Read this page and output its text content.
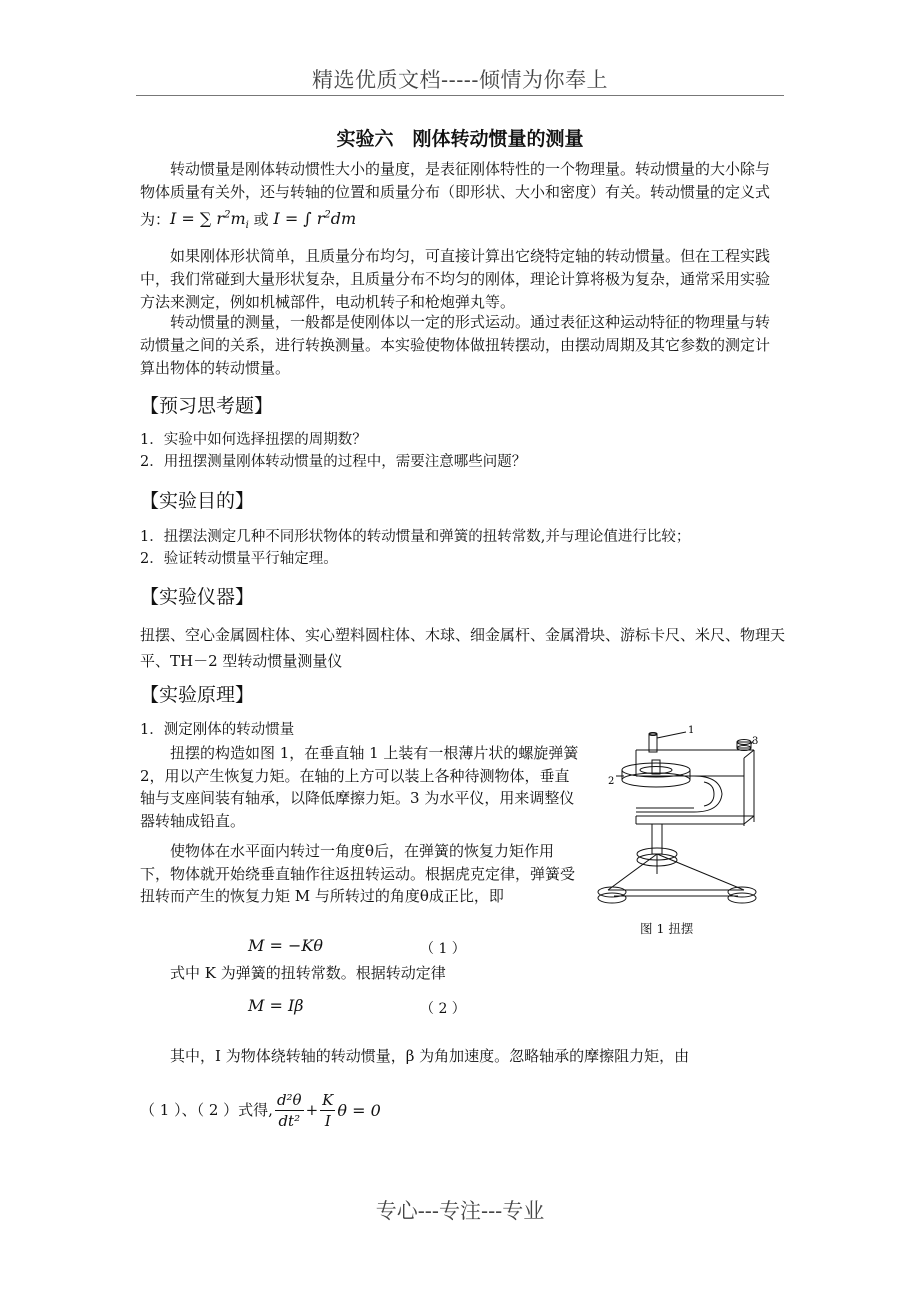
精选优质文档-----倾情为你奉上
实验六　刚体转动惯量的测量
转动惯量是刚体转动惯性大小的量度，是表征刚体特性的一个物理量。转动惯量的大小除与物体质量有关外，还与转轴的位置和质量分布（即形状、大小和密度）有关。转动惯量的定义式为：I = ∑ $r^2m_i$ 或 I = ∫ $r^2dm$
如果刚体形状简单，且质量分布均匀，可直接计算出它绕特定轴的转动惯量。但在工程实践中，我们常碰到大量形状复杂，且质量分布不均匀的刚体，理论计算将极为复杂，通常采用实验方法来测定，例如机械部件，电动机转子和枪炮弹丸等。
转动惯量的测量，一般都是使刚体以一定的形式运动。通过表征这种运动特征的物理量与转动惯量之间的关系，进行转换测量。本实验使物体做扭转摆动，由摆动周期及其它参数的测定计算出物体的转动惯量。
【预习思考题】
1．实验中如何选择扭摆的周期数？
2．用扭摆测量刚体转动惯量的过程中，需要注意哪些问题？
【实验目的】
1．扭摆法测定几种不同形状物体的转动惯量和弹簧的扭转常数,并与理论值进行比较；
2．验证转动惯量平行轴定理。
【实验仪器】
扭摆、空心金属圆柱体、实心塑料圆柱体、木球、细金属杆、金属滑块、游标卡尺、米尺、物理天平、TH－2 型转动惯量测量仪
【实验原理】
1．测定刚体的转动惯量
扭摆的构造如图 1，在垂直轴 1 上装有一根薄片状的螺旋弹簧 2，用以产生恢复力矩。在轴的上方可以装上各种待测物体，垂直轴与支座间装有轴承，以降低摩擦力矩。3 为水平仪，用来调整仪器转轴成铅直。
使物体在水平面内转过一角度θ后，在弹簧的恢复力矩作用下，物体就开始绕垂直轴作往返扭转运动。根据虎克定律，弹簧受扭转而产生的恢复力矩 M 与所转过的角度θ成正比，即
M = −Kθ	（ 1 ）
式中 K 为弹簧的扭转常数。根据转动定律
M = Iβ	（ 2 ）
其中，I 为物体绕转轴的转动惯量，β 为角加速度。忽略轴承的摩擦阻力矩，由
（ 1 ）、（ 2 ）式得, $\frac{\text{d²θ}}{\text{dt²}} + \frac{K}{I}$ θ = 0
1
2
3
图 1 扭摆
专心---专注---专业
